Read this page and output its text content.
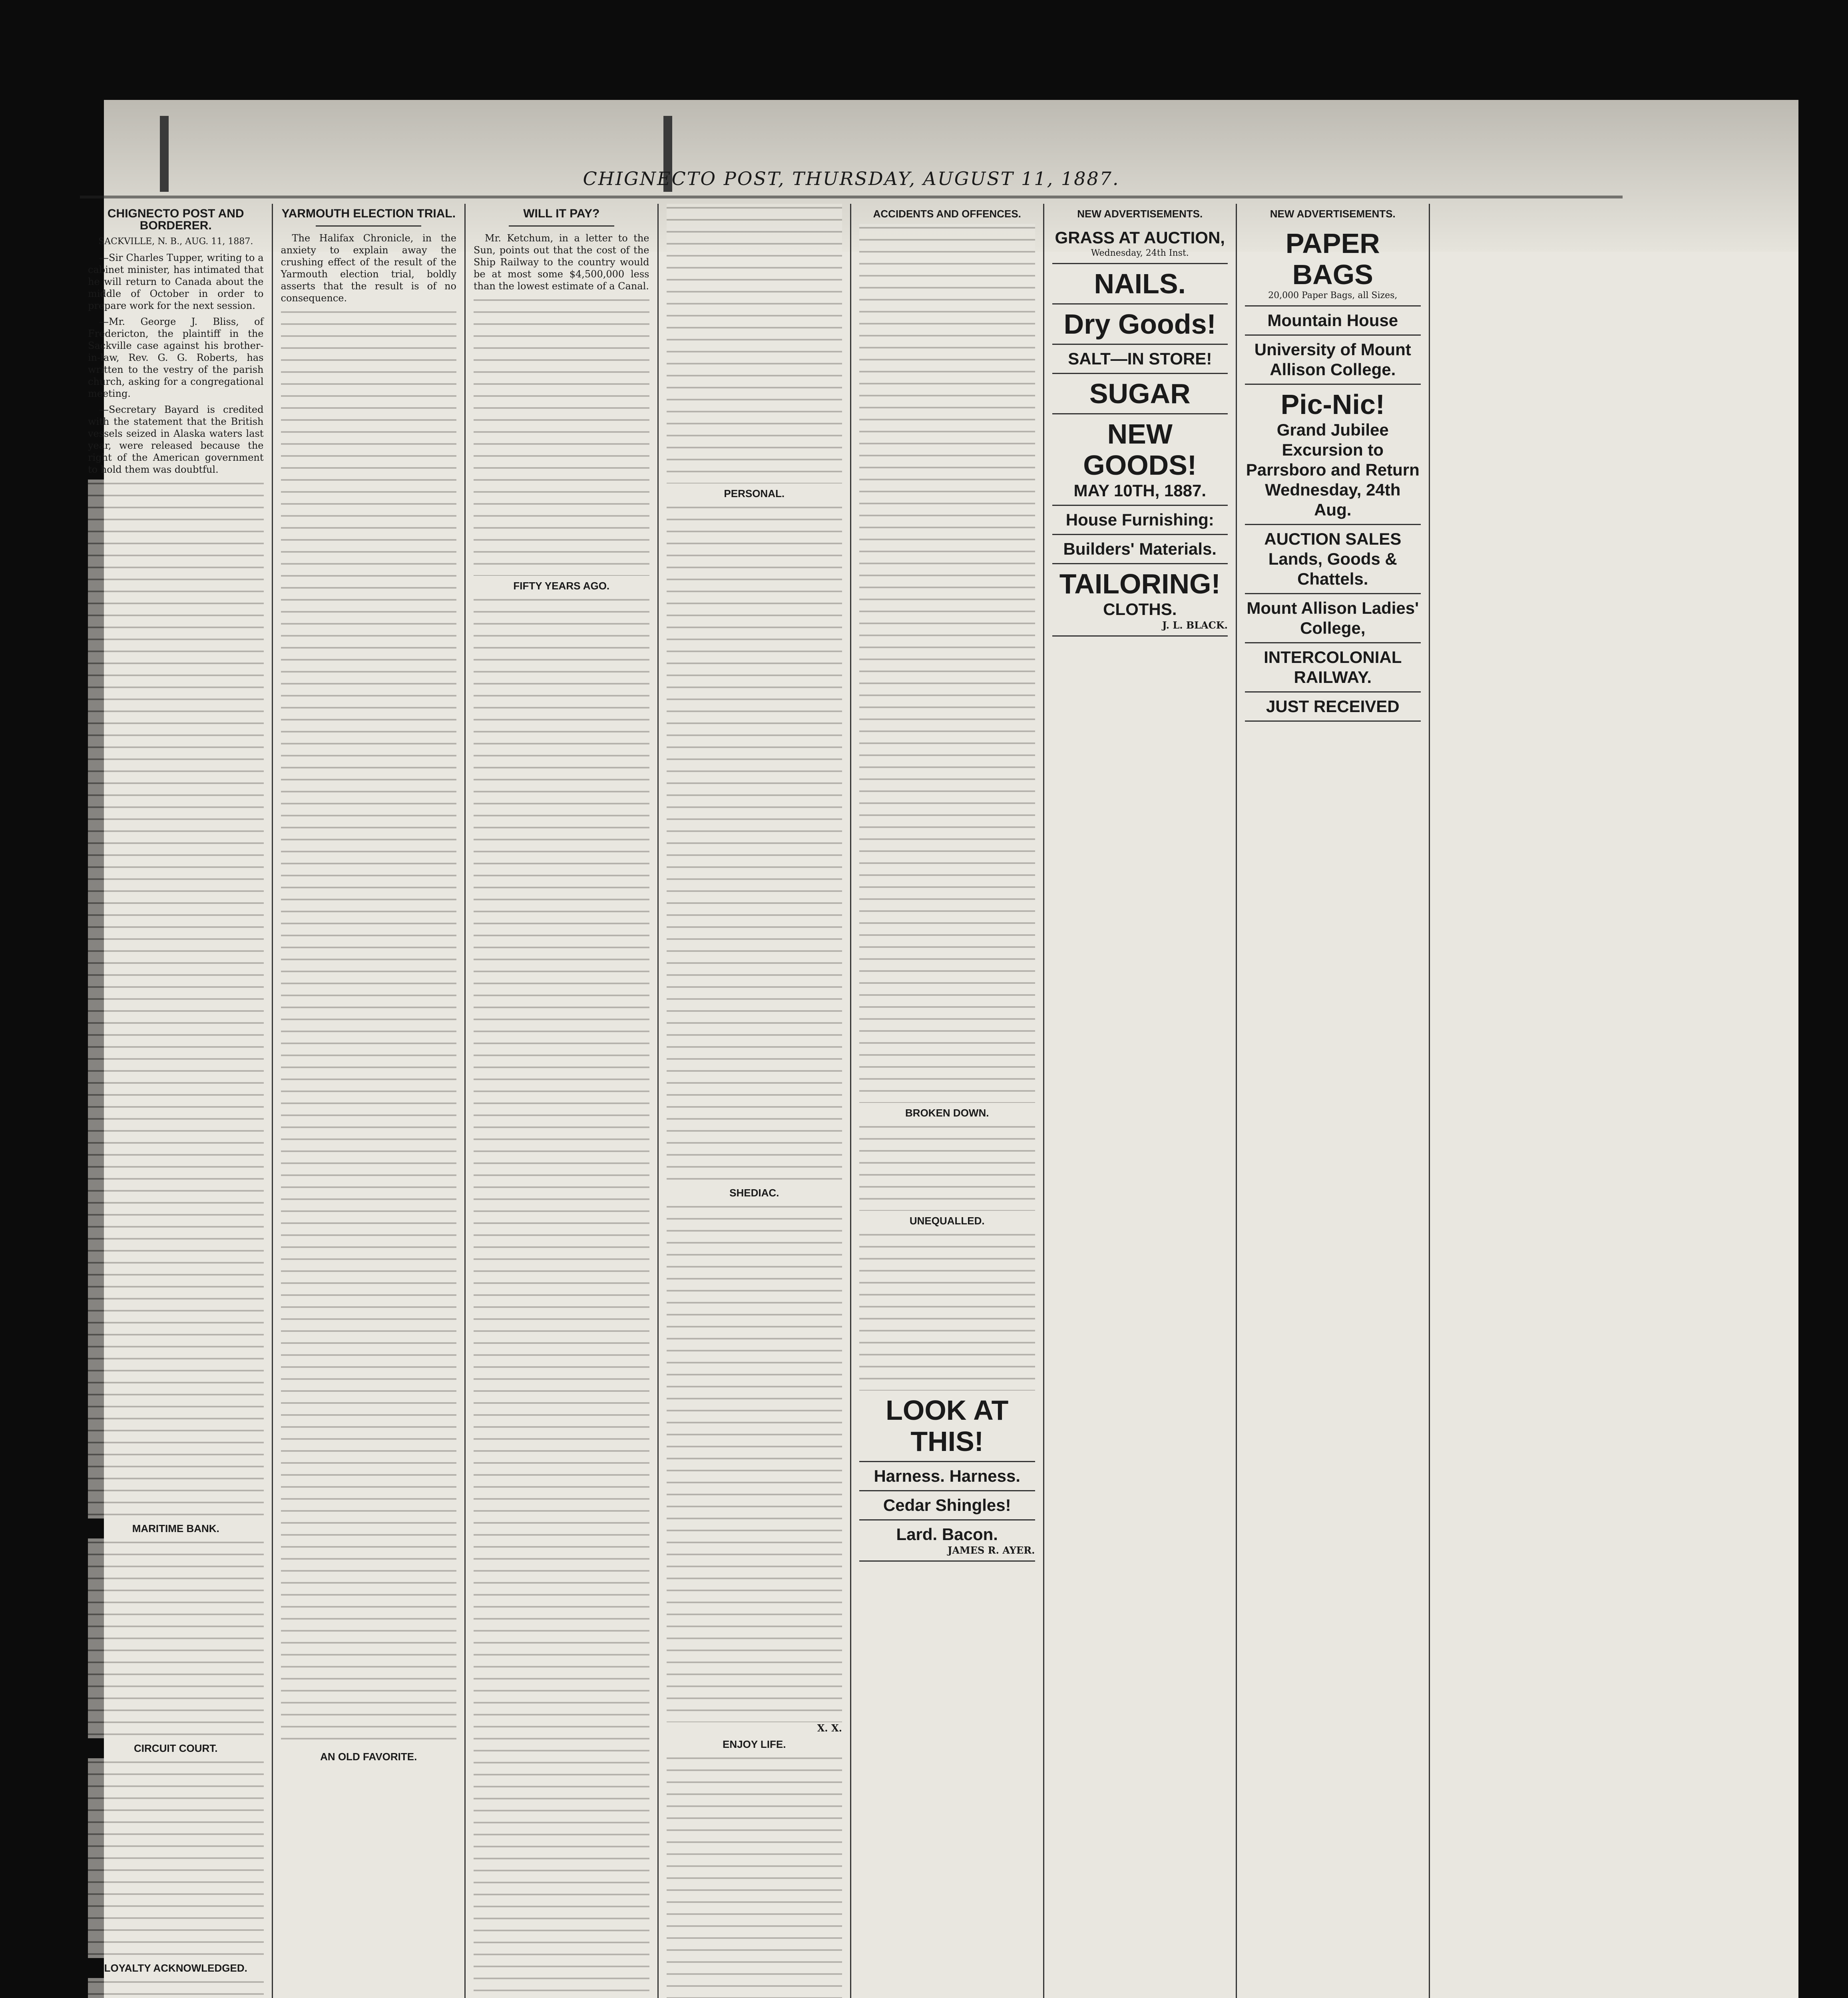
CHIGNECTO POST, THURSDAY, AUGUST 11, 1887.
CHIGNECTO POST AND BORDERER.
SACKVILLE, N. B., AUG. 11, 1887.

—Sir Charles Tupper, writing to a cabinet minister, has intimated that he will return to Canada about the middle of October in order to prepare work for the next session.

—Mr. George J. Bliss, of Fredericton, the plaintiff in the Sackville case against his brother-in-law, Rev. G. G. Roberts, has written to the vestry of the parish church, asking for a congregational meeting.

—Secretary Bayard is credited with the statement that the British vessels seized in Alaska waters last year, were released because the right of the American government to hold them was doubtful.

MARITIME BANK.
CIRCUIT COURT.
LOYALTY ACKNOWLEDGED.
YARMOUTH ELECTION TRIAL.

The Halifax Chronicle, in the anxiety to explain away the crushing effect of the result of the Yarmouth election trial, boldly asserts that the result is of no consequence.

AN OLD FAVORITE.
WILL IT PAY?

Mr. Ketchum, in a letter to the Sun, points out that the cost of the Ship Railway to the country would be at most some $4,500,000 less than the lowest estimate of a Canal.

FIFTY YEARS AGO.
PERSONAL.
SHEDIAC.
X. X.
ENJOY LIFE.
ACCIDENTS AND OFFENCES.
BROKEN DOWN.
UNEQUALLED.
LOOK AT THIS!
Harness. Harness.
Cedar Shingles!
Lard. Bacon.
JAMES R. AYER.
NEW ADVERTISEMENTS.
GRASS AT AUCTION,
Wednesday, 24th Inst.
NAILS.
Dry Goods!
SALT—IN STORE!
SUGAR
NEW GOODS!
MAY 10TH, 1887.
House Furnishing:
Builders' Materials.
TAILORING!
CLOTHS.
J. L. BLACK.
NEW ADVERTISEMENTS.
PAPER BAGS
20,000 Paper Bags, all Sizes,
Mountain House
University of Mount Allison College.
Pic-Nic!
Grand Jubilee Excursion to Parrsboro and Return
Wednesday, 24th Aug.
AUCTION SALES
Lands, Goods & Chattels.
Mount Allison Ladies' College,
INTERCOLONIAL RAILWAY.
JUST RECEIVED
